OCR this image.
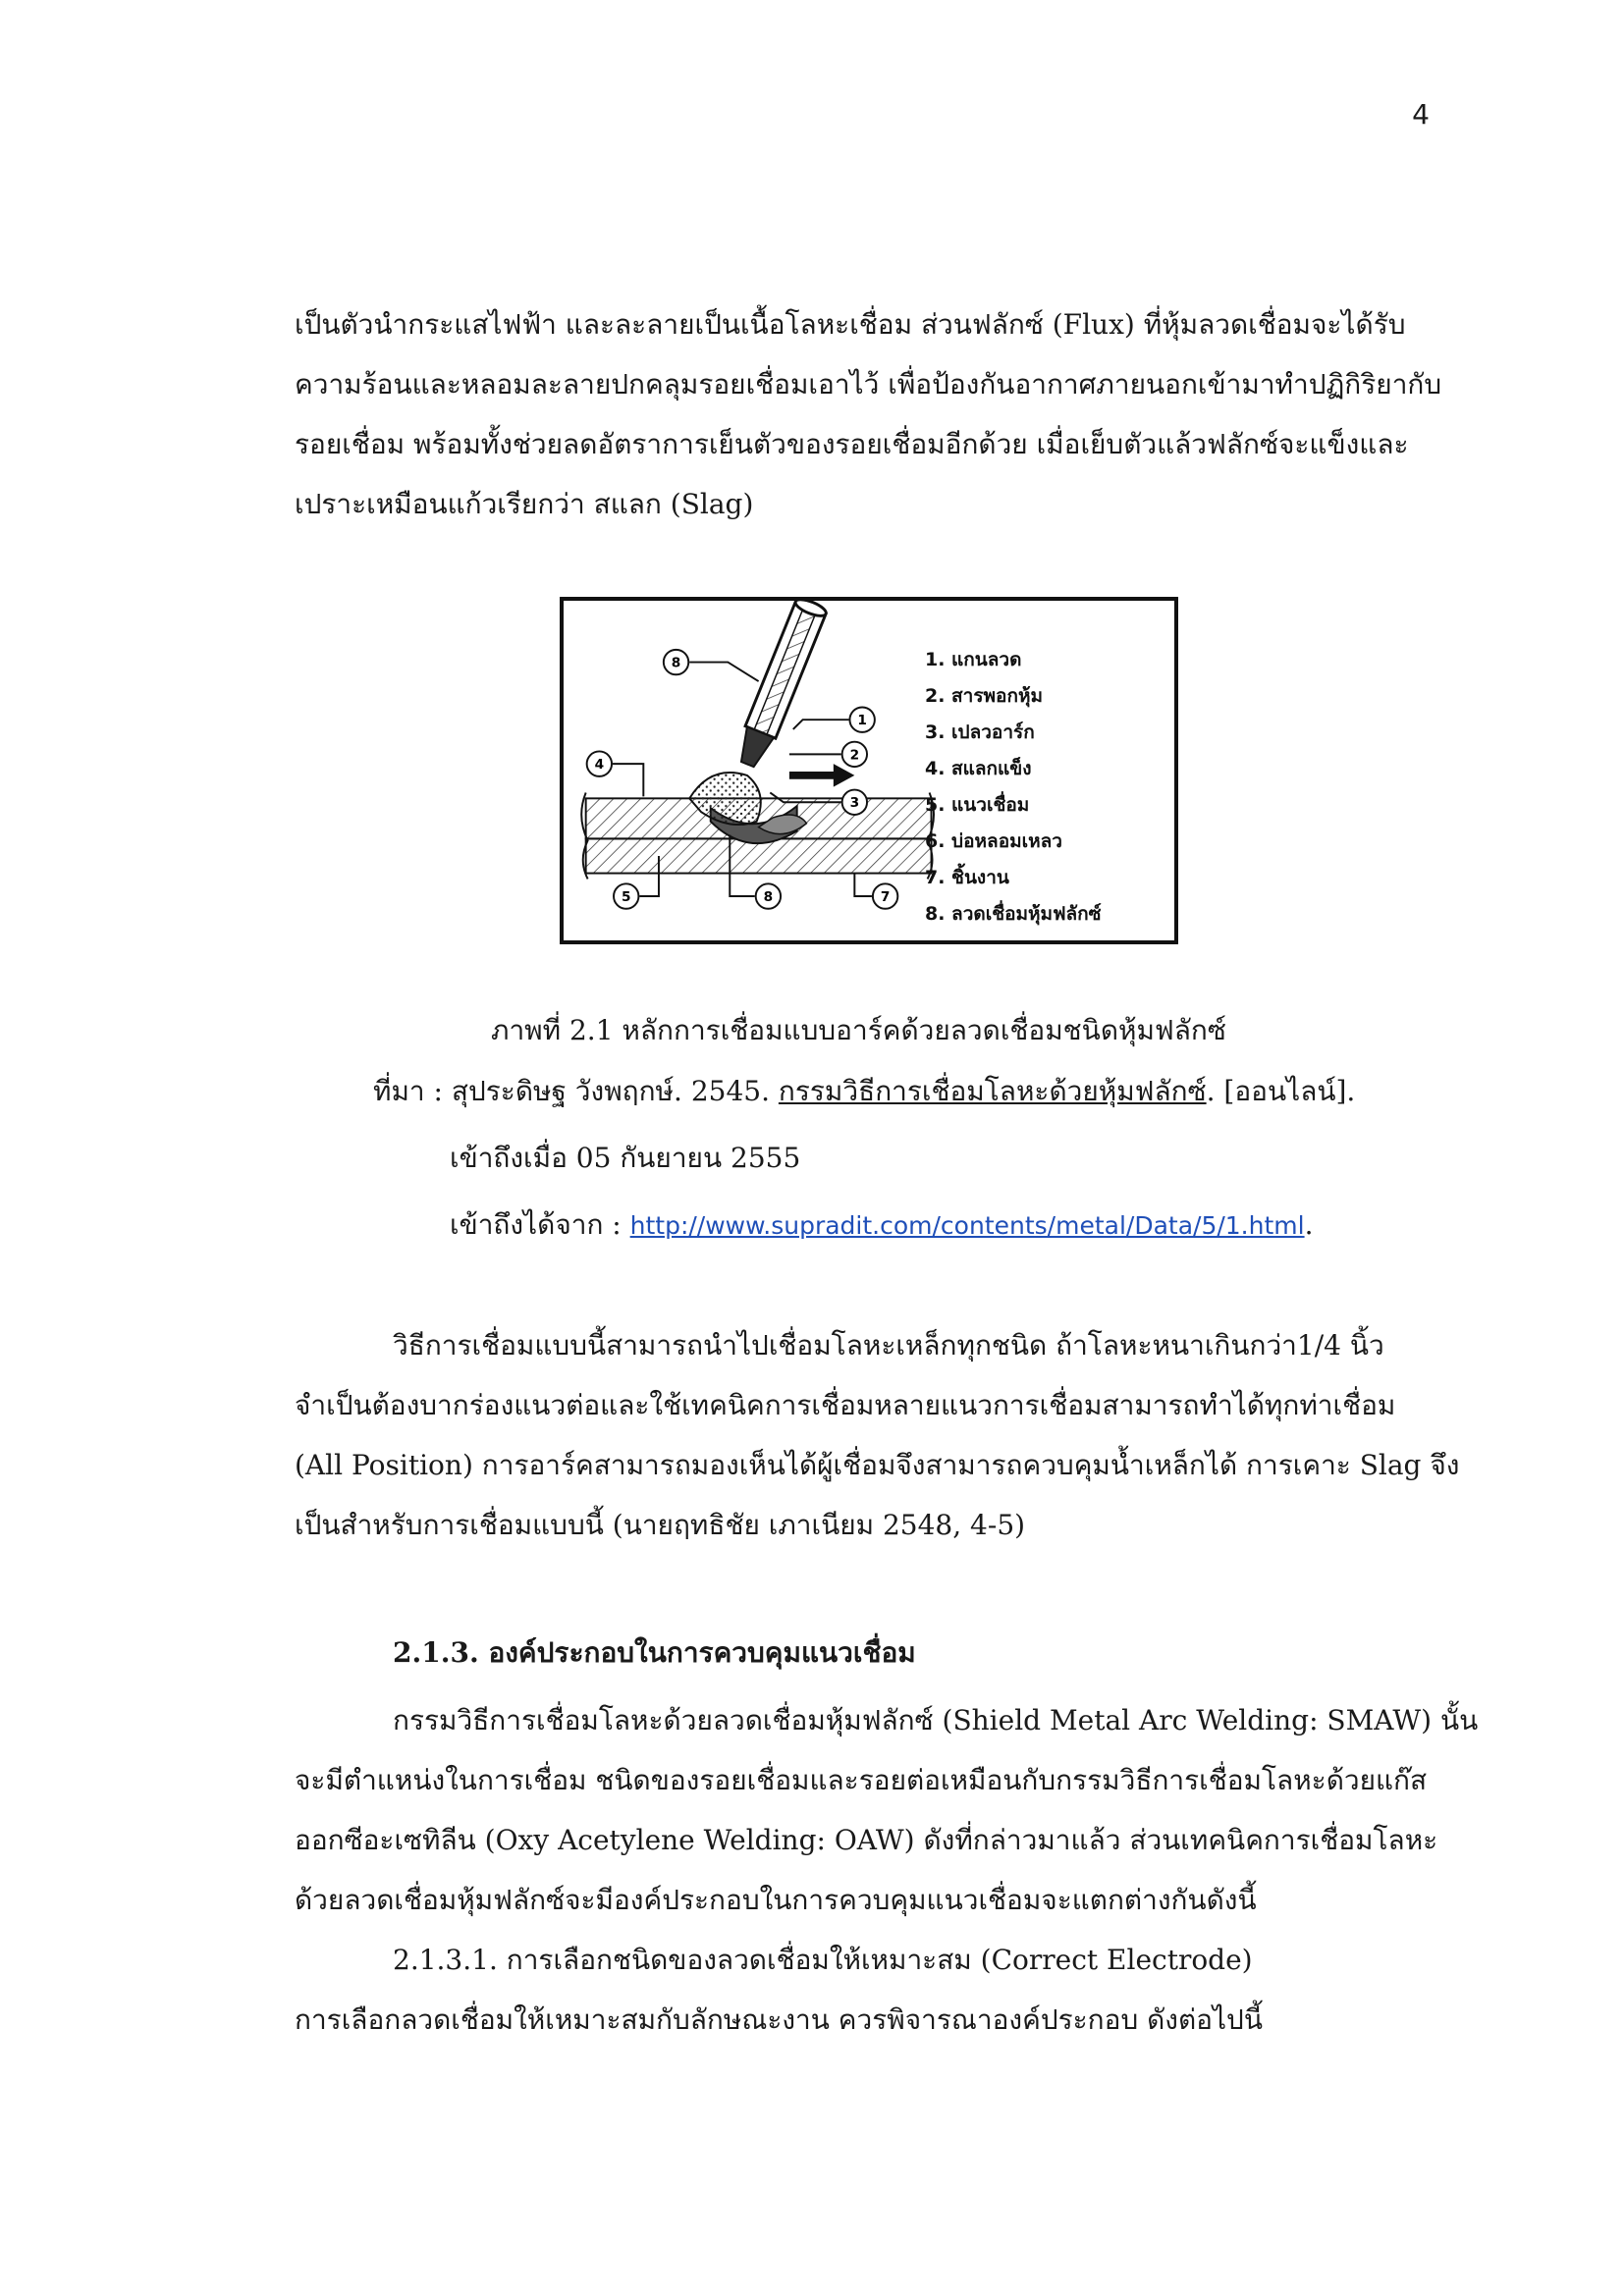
4

เป็นตัวนำกระแสไฟฟ้า และละลายเป็นเนื้อโลหะเชื่อม ส่วนฟลักซ์ (Flux) ที่หุ้มลวดเชื่อมจะได้รับ
ความร้อนและหลอมละลายปกคลุมรอยเชื่อมเอาไว้ เพื่อป้องกันอากาศภายนอกเข้ามาทำปฏิกิริยากับ
รอยเชื่อม พร้อมทั้งช่วยลดอัตราการเย็นตัวของรอยเชื่อมอีกด้วย เมื่อเย็บตัวแล้วฟลักซ์จะแข็งและ
เปราะเหมือนแก้วเรียกว่า สแลก (Slag)

8
1
2
3
4
5	8	7
1. แกนลวด
2. สารพอกหุ้ม
3. เปลวอาร์ก
4. สแลกแข็ง
5. แนวเชื่อม
6. บ่อหลอมเหลว
7. ชิ้นงาน
8. ลวดเชื่อมหุ้มฟลักซ์
ภาพที่ 2.1 หลักการเชื่อมแบบอาร์คด้วยลวดเชื่อมชนิดหุ้มฟลักซ์
ที่มา : สุประดิษฐ วังพฤกษ์. 2545. กรรมวิธีการเชื่อมโลหะด้วยหุ้มฟลักซ์. [ออนไลน์].
เข้าถึงเมื่อ 05 กันยายน 2555
เข้าถึงได้จาก : http://www.supradit.com/contents/metal/Data/5/1.html.

วิธีการเชื่อมแบบนี้สามารถนำไปเชื่อมโลหะเหล็กทุกชนิด ถ้าโลหะหนาเกินกว่า1/4 นิ้ว
จำเป็นต้องบากร่องแนวต่อและใช้เทคนิคการเชื่อมหลายแนวการเชื่อมสามารถทำได้ทุกท่าเชื่อม
(All Position) การอาร์คสามารถมองเห็นได้ผู้เชื่อมจึงสามารถควบคุมน้ำเหล็กได้ การเคาะ Slag จึง
เป็นสำหรับการเชื่อมแบบนี้ (นายฤทธิชัย เภาเนียม 2548, 4-5)

2.1.3. องค์ประกอบในการควบคุมแนวเชื่อม

กรรมวิธีการเชื่อมโลหะด้วยลวดเชื่อมหุ้มฟลักซ์ (Shield Metal Arc Welding: SMAW) นั้น
จะมีตำแหน่งในการเชื่อม ชนิดของรอยเชื่อมและรอยต่อเหมือนกับกรรมวิธีการเชื่อมโลหะด้วยแก๊ส
ออกซีอะเซทิลีน (Oxy Acetylene Welding: OAW) ดังที่กล่าวมาแล้ว ส่วนเทคนิคการเชื่อมโลหะ
ด้วยลวดเชื่อมหุ้มฟลักซ์จะมีองค์ประกอบในการควบคุมแนวเชื่อมจะแตกต่างกันดังนี้
2.1.3.1. การเลือกชนิดของลวดเชื่อมให้เหมาะสม (Correct Electrode)
การเลือกลวดเชื่อมให้เหมาะสมกับลักษณะงาน ควรพิจารณาองค์ประกอบ ดังต่อไปนี้
